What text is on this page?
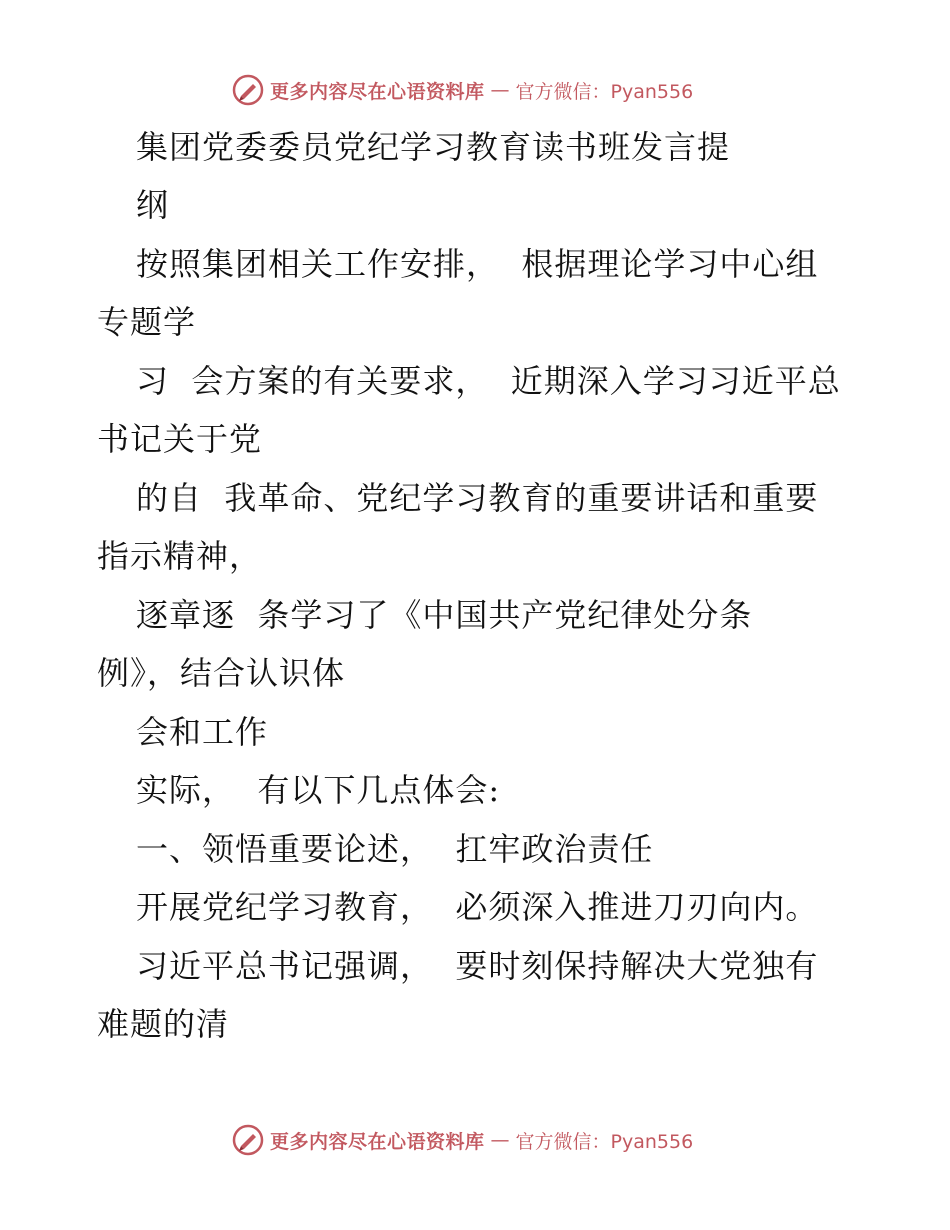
更多内容尽在心语资料库 — 官方微信：Pyan556
集团党委委员党纪学习教育读书班发言提
纲
按照集团相关工作安排，  根据理论学习中心组
专题学
习  会方案的有关要求，  近期深入学习习近平总
书记关于党
的自  我革命、党纪学习教育的重要讲话和重要
指示精神，
逐章逐  条学习了《中国共产党纪律处分条
例》，结合认识体
会和工作
实际，  有以下几点体会:
一、领悟重要论述，  扛牢政治责任
开展党纪学习教育，  必须深入推进刀刃向内。
习近平总书记强调，  要时刻保持解决大党独有
难题的清
更多内容尽在心语资料库 — 官方微信：Pyan556
